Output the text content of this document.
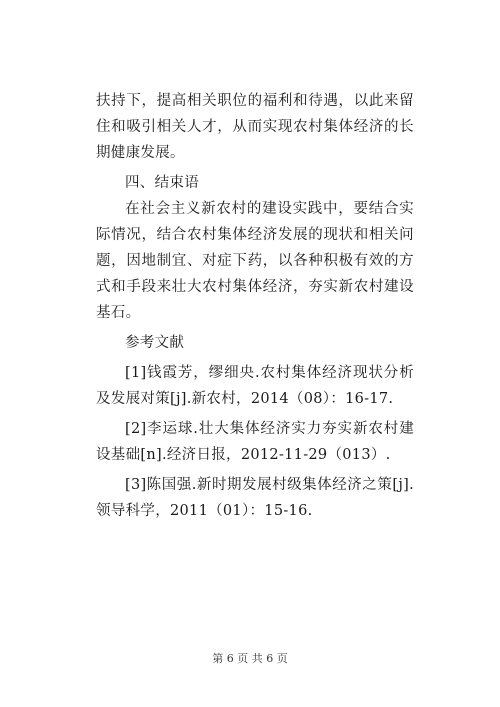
扶持下，提高相关职位的福利和待遇，以此来留住和吸引相关人才，从而实现农村集体经济的长期健康发展。

四、结束语

在社会主义新农村的建设实践中，要结合实际情况，结合农村集体经济发展的现状和相关问题，因地制宜、对症下药，以各种积极有效的方式和手段来壮大农村集体经济，夯实新农村建设基石。

参考文献

[1]钱霞芳，缪细央.农村集体经济现状分析及发展对策[j].新农村，2014（08）：16-17.

[2]李运球.壮大集体经济实力夯实新农村建设基础[n].经济日报，2012-11-29（013）.

[3]陈国强.新时期发展村级集体经济之策[j].领导科学，2011（01）：15-16.

第 6 页 共 6 页
